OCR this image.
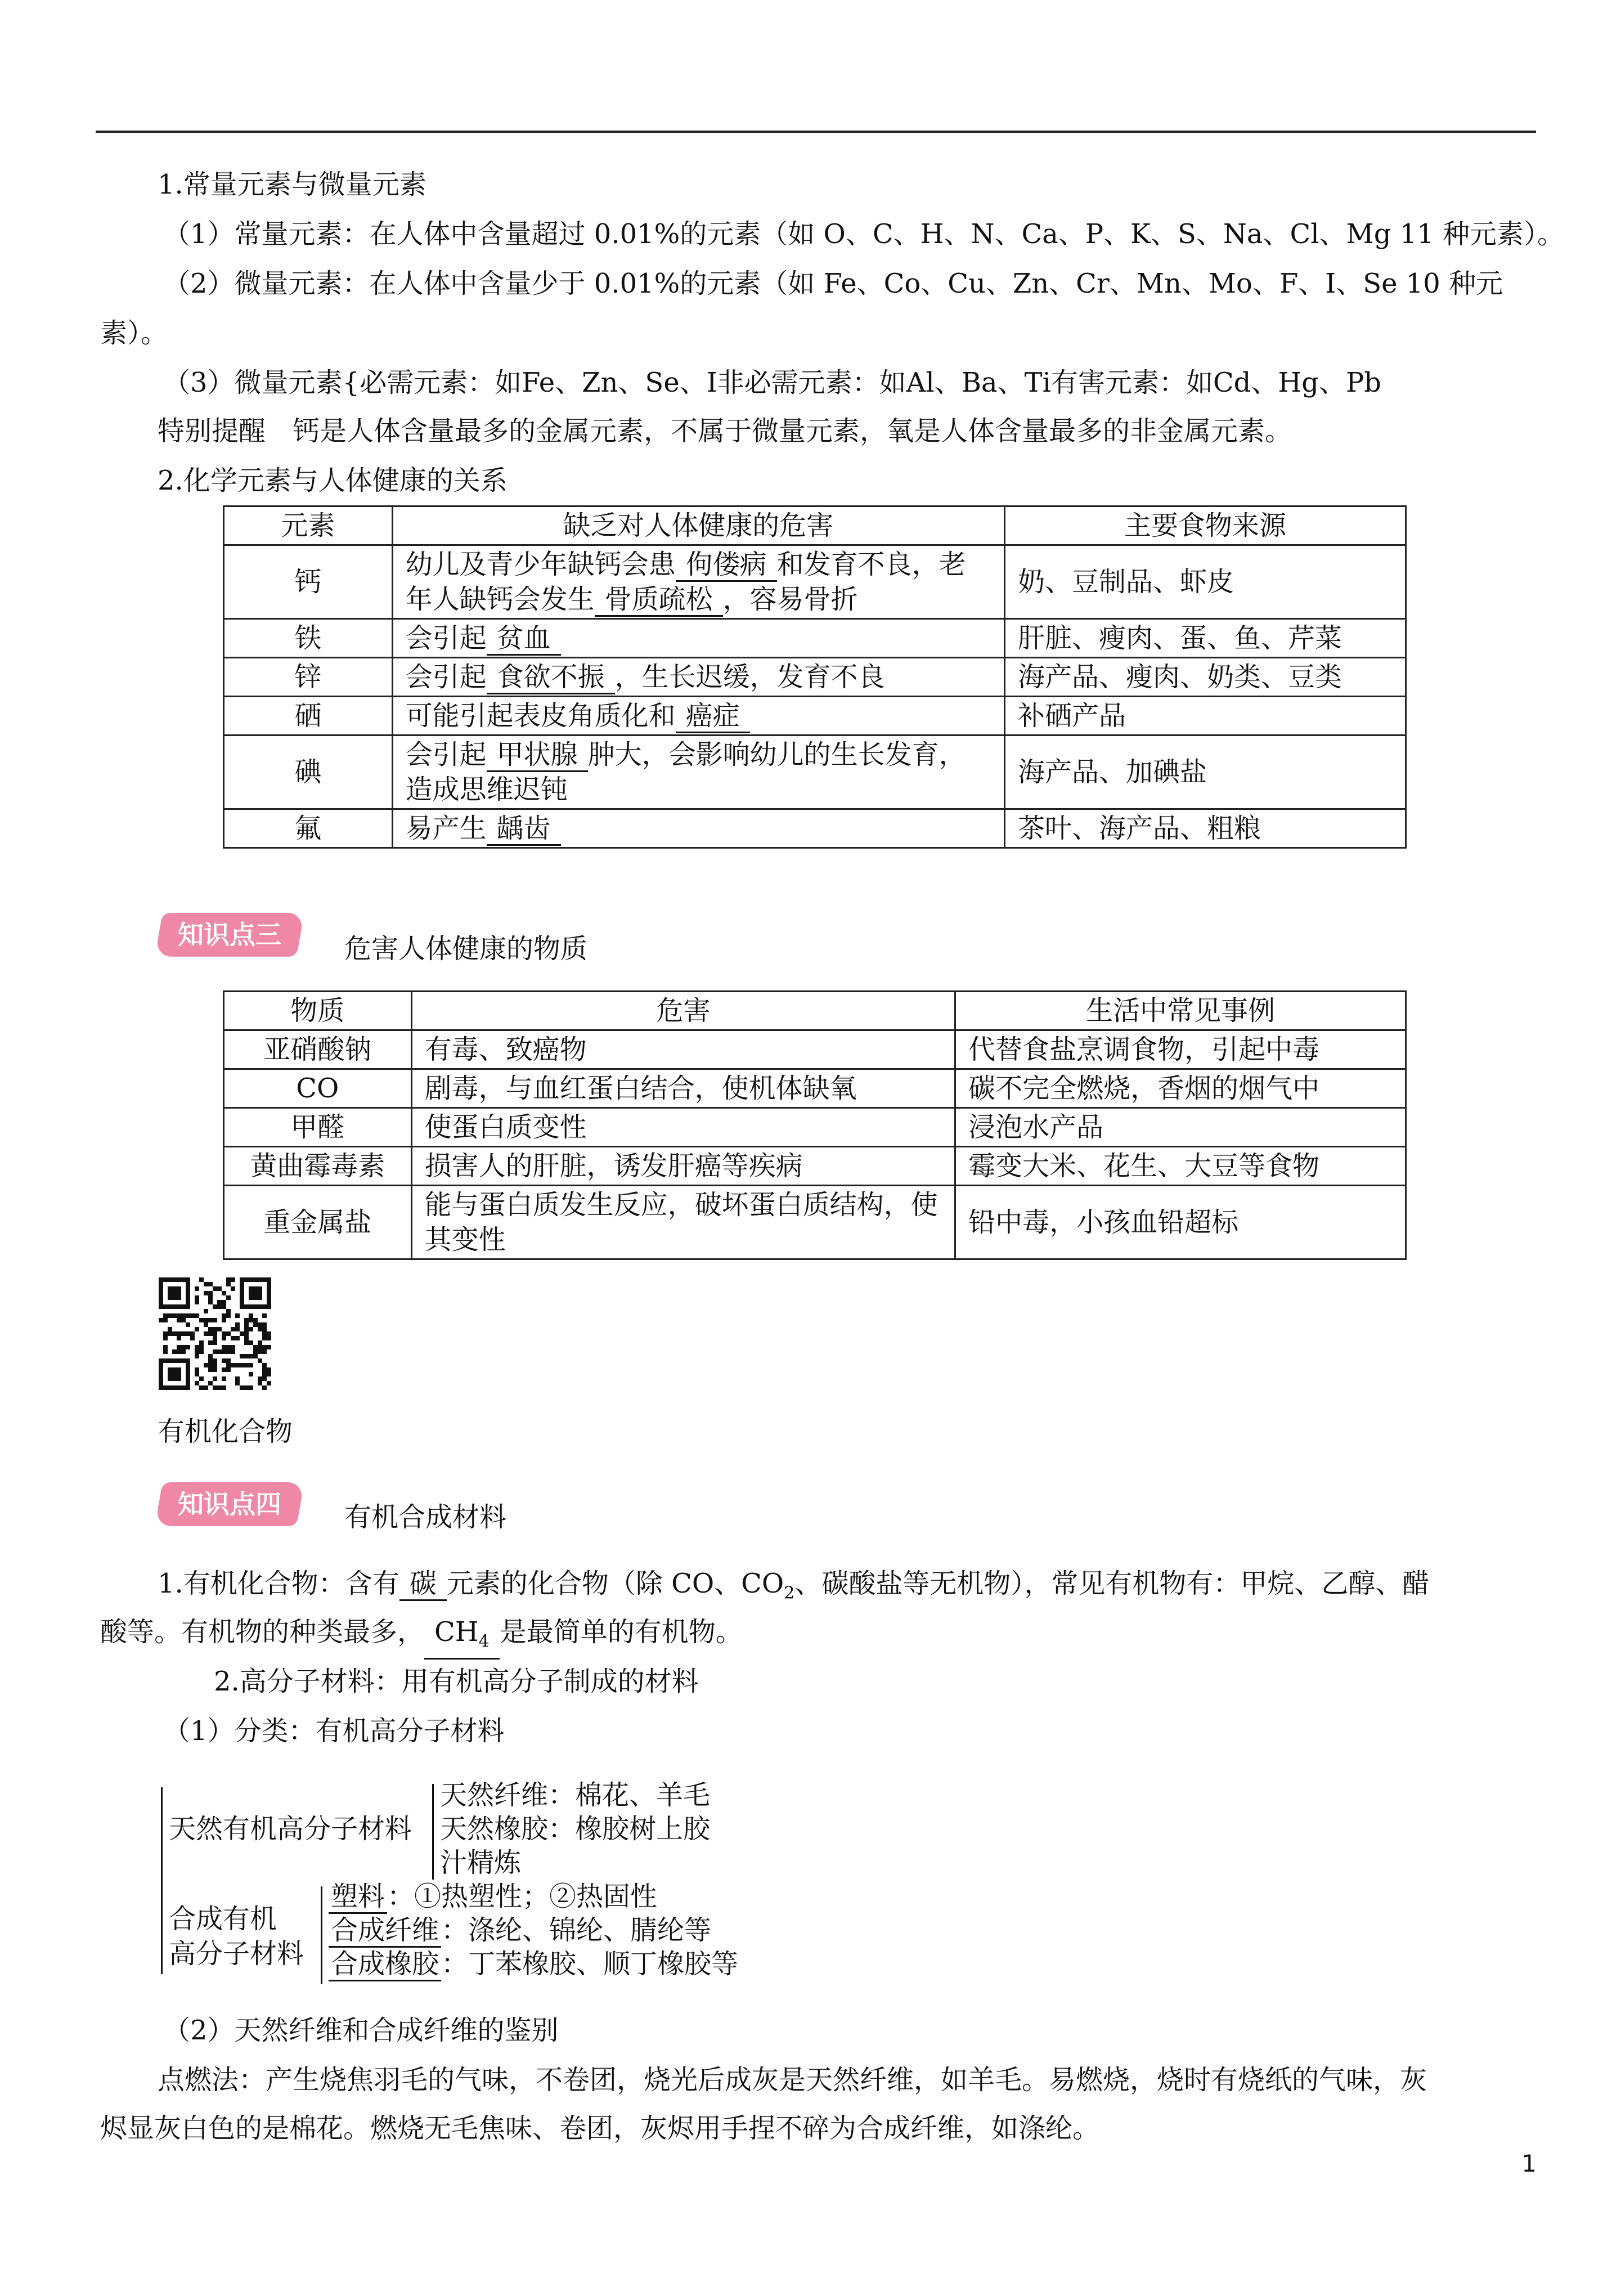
1.常量元素与微量元素
（1）常量元素：在人体中含量超过 0.01%的元素（如 O、C、H、N、Ca、P、K、S、Na、Cl、Mg 11 种元素）。
（2）微量元素：在人体中含量少于 0.01%的元素（如 Fe、Co、Cu、Zn、Cr、Mn、Mo、F、I、Se 10 种元
素）。
（3）微量元素{必需元素：如Fe、Zn、Se、I非必需元素：如Al、Ba、Ti有害元素：如Cd、Hg、Pb
特别提醒　钙是人体含量最多的金属元素，不属于微量元素，氧是人体含量最多的非金属元素。
2.化学元素与人体健康的关系
元素	缺乏对人体健康的危害	主要食物来源
钙	幼儿及青少年缺钙会患 佝偻病 和发育不良，老年人缺钙会发生 骨质疏松 ，容易骨折	奶、豆制品、虾皮
铁	会引起 贫血	肝脏、瘦肉、蛋、鱼、芹菜
锌	会引起 食欲不振 ，生长迟缓，发育不良	海产品、瘦肉、奶类、豆类
硒	可能引起表皮角质化和 癌症	补硒产品
碘	会引起 甲状腺 肿大，会影响幼儿的生长发育，造成思维迟钝	海产品、加碘盐
氟	易产生 龋齿	茶叶、海产品、粗粮
知识点三	危害人体健康的物质
物质	危害	生活中常见事例
亚硝酸钠	有毒、致癌物	代替食盐烹调食物，引起中毒
CO	剧毒，与血红蛋白结合，使机体缺氧	碳不完全燃烧，香烟的烟气中
甲醛	使蛋白质变性	浸泡水产品
黄曲霉毒素	损害人的肝脏，诱发肝癌等疾病	霉变大米、花生、大豆等食物
重金属盐	能与蛋白质发生反应，破坏蛋白质结构，使其变性	铅中毒，小孩血铅超标
有机化合物
知识点四	有机合成材料
1.有机化合物：含有 碳 元素的化合物（除 CO、$CO_2$、碳酸盐等无机物），常见有机物有：甲烷、乙醇、醋
酸等。有机物的种类最多， $CH_4$ 是最简单的有机物。
2.高分子材料：用有机高分子制成的材料
（1）分类：有机高分子材料
天然有机高分子材料
天然纤维：棉花、羊毛
天然橡胶：橡胶树上胶
汁精炼
合成有机
高分子材料
塑料：①热塑性；②热固性
合成纤维：涤纶、锦纶、腈纶等
合成橡胶：丁苯橡胶、顺丁橡胶等
（2）天然纤维和合成纤维的鉴别
点燃法：产生烧焦羽毛的气味，不卷团，烧光后成灰是天然纤维，如羊毛。易燃烧，烧时有烧纸的气味，灰
烬显灰白色的是棉花。燃烧无毛焦味、卷团，灰烬用手捏不碎为合成纤维，如涤纶。
1
